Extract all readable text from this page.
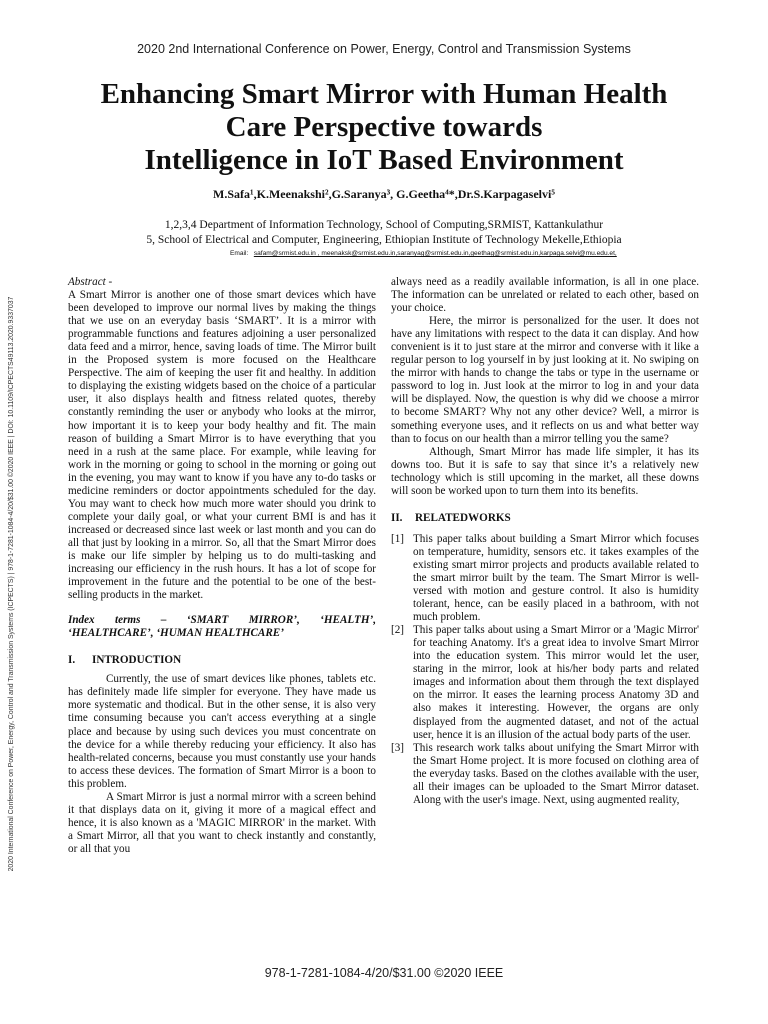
2020 2nd International Conference on Power, Energy, Control and Transmission Systems
Enhancing Smart Mirror with Human Health
Care Perspective towards
Intelligence in IoT Based Environment
M.Safa¹,K.Meenakshi²,G.Saranya³, G.Geetha⁴*,Dr.S.Karpagaselvi⁵
1,2,3,4 Department of Information Technology, School of Computing,SRMIST, Kattankulathur
5, School of Electrical and Computer, Engineering, Ethiopian Institute of Technology Mekelle,Ethiopia
Email: safam@srmist.edu.in , meenaksk@srmist.edu.in,saranyag@srmist.edu.in,geethag@srmist.edu.in,karpaga.selvi@mu.edu.et,
2020 International Conference on Power, Energy, Control and Transmission Systems (ICPECTS) | 978-1-7281-1084-4/20/$31.00 ©2020 IEEE | DOI: 10.1109/ICPECTS49113.2020.9337037

Abstract -

A Smart Mirror is another one of those smart devices which have been developed to improve our normal lives by making the things that we use on an everyday basis ‘SMART’. It is a mirror with programmable functions and features adjoining a user personalized data feed and a mirror, hence, saving loads of time. The Mirror built in the Proposed system is more focused on the Healthcare Perspective. The aim of keeping the user fit and healthy. In addition to displaying the existing widgets based on the choice of a particular user, it also displays health and fitness related quotes, thereby constantly reminding the user or anybody who looks at the mirror, how important it is to keep your body healthy and fit. The main reason of building a Smart Mirror is to have everything that you need in a rush at the same place. For example, while leaving for work in the morning or going to school in the morning or going out in the evening, you may want to know if you have any to-do tasks or medicine reminders or doctor appointments scheduled for the day. You may want to check how much more water should you drink to complete your daily goal, or what your current BMI is and has it increased or decreased since last week or last month and you can do all that just by looking in a mirror. So, all that the Smart Mirror does is make our life simpler by helping us to do multi-tasking and increasing our efficiency in the rush hours. It has a lot of scope for improvement in the future and the potential to be one of the best-selling products in the market.

Index terms – ‘SMART MIRROR’, ‘HEALTH’, ‘HEALTHCARE’, ‘HUMAN HEALTHCARE’

I. INTRODUCTION

Currently, the use of smart devices like phones, tablets etc. has definitely made life simpler for everyone. They have made us more systematic and thodical. But in the other sense, it is also very time consuming because you can't access everything at a single place and because by using such devices you must concentrate on the device for a while thereby reducing your efficiency. It also has health-related concerns, because you must constantly use your hands to access these devices. The formation of Smart Mirror is a boon to this problem.

A Smart Mirror is just a normal mirror with a screen behind it that displays data on it, giving it more of a magical effect and hence, it is also known as a 'MAGIC MIRROR' in the market. With a Smart Mirror, all that you want to check instantly and constantly, or all that you

always need as a readily available information, is all in one place. The information can be unrelated or related to each other, based on your choice.

Here, the mirror is personalized for the user. It does not have any limitations with respect to the data it can display. And how convenient is it to just stare at the mirror and converse with it like a regular person to log yourself in by just looking at it. No swiping on the mirror with hands to change the tabs or type in the username or password to log in. Just look at the mirror to log in and your data will be displayed. Now, the question is why did we choose a mirror to become SMART? Why not any other device? Well, a mirror is something everyone uses, and it reflects on us and what better way than to focus on our health than a mirror telling you the same?

Although, Smart Mirror has made life simpler, it has its downs too. But it is safe to say that since it’s a relatively new technology which is still upcoming in the market, all these downs will soon be worked upon to turn them into its benefits.

II. RELATEDWORKS
[1] This paper talks about building a Smart Mirror which focuses on temperature, humidity, sensors etc. it takes examples of the existing smart mirror projects and products available related to the smart mirror built by the team. The Smart Mirror is well-versed with motion and gesture control. It also is humidity tolerant, hence, can be easily placed in a bathroom, with not much problem.
[2] This paper talks about using a Smart Mirror or a 'Magic Mirror' for teaching Anatomy. It's a great idea to involve Smart Mirror into the education system. This mirror would let the user, staring in the mirror, look at his/her body parts and related images and information about them through the text displayed on the mirror. It eases the learning process Anatomy 3D and also makes it interesting. However, the organs are only displayed from the augmented dataset, and not of the actual user, hence it is an illusion of the actual body parts of the user.
[3] This research work talks about unifying the Smart Mirror with the Smart Home project. It is more focused on clothing area of the everyday tasks. Based on the clothes available with the user, all their images can be uploaded to the Smart Mirror dataset. Along with the user's image. Next, using augmented reality,
978-1-7281-1084-4/20/$31.00 ©2020 IEEE
